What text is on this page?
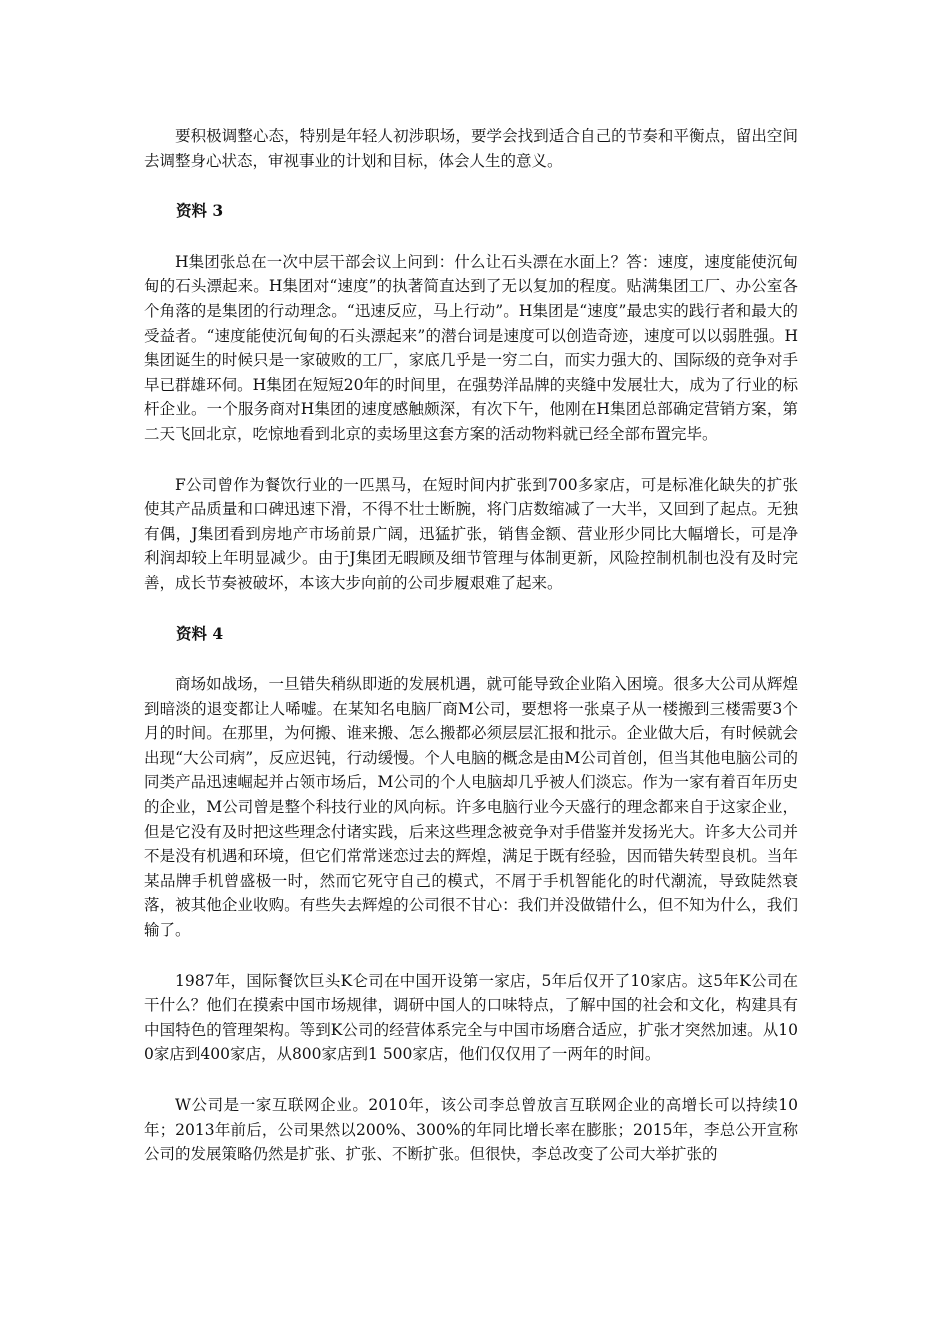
要积极调整心态，特别是年轻人初涉职场，要学会找到适合自己的节奏和平衡点，留出空间去调整身心状态，审视事业的计划和目标，体会人生的意义。

资料 3

H集团张总在一次中层干部会议上问到：什么让石头漂在水面上？答：速度，速度能使沉甸甸的石头漂起来。H集团对“速度”的执著简直达到了无以复加的程度。贴满集团工厂、办公室各个角落的是集团的行动理念。“迅速反应，马上行动”。H集团是“速度”最忠实的践行者和最大的受益者。“速度能使沉甸甸的石头漂起来”的潜台词是速度可以创造奇迹，速度可以以弱胜强。H集团诞生的时候只是一家破败的工厂，家底几乎是一穷二白，而实力强大的、国际级的竞争对手早已群雄环伺。H集团在短短20年的时间里，在强势洋品牌的夹缝中发展壮大，成为了行业的标杆企业。一个服务商对H集团的速度感触颇深，有次下午，他刚在H集团总部确定营销方案，第二天飞回北京，吃惊地看到北京的卖场里这套方案的活动物料就已经全部布置完毕。

F公司曾作为餐饮行业的一匹黑马，在短时间内扩张到700多家店，可是标准化缺失的扩张使其产品质量和口碑迅速下滑，不得不壮士断腕，将门店数缩减了一大半，又回到了起点。无独有偶，J集团看到房地产市场前景广阔，迅猛扩张，销售金额、营业形少同比大幅增长，可是净利润却较上年明显减少。由于J集团无暇顾及细节管理与体制更新，风险控制机制也没有及时完善，成长节奏被破坏，本该大步向前的公司步履艰难了起来。

资料 4

商场如战场，一旦错失稍纵即逝的发展机遇，就可能导致企业陷入困境。很多大公司从辉煌到暗淡的退变都让人唏嘘。在某知名电脑厂商M公司，要想将一张桌子从一楼搬到三楼需要3个月的时间。在那里，为何搬、谁来搬、怎么搬都必须层层汇报和批示。企业做大后，有时候就会出现“大公司病”，反应迟钝，行动缓慢。个人电脑的概念是由M公司首创，但当其他电脑公司的同类产品迅速崛起并占领市场后，M公司的个人电脑却几乎被人们淡忘。作为一家有着百年历史的企业，M公司曾是整个科技行业的风向标。许多电脑行业今天盛行的理念都来自于这家企业，但是它没有及时把这些理念付诸实践，后来这些理念被竞争对手借鉴并发扬光大。许多大公司并不是没有机遇和环境，但它们常常迷恋过去的辉煌，满足于既有经验，因而错失转型良机。当年某品牌手机曾盛极一时，然而它死守自己的模式，不屑于手机智能化的时代潮流，导致陡然衰落，被其他企业收购。有些失去辉煌的公司很不甘心：我们并没做错什么，但不知为什么，我们输了。

1987年，国际餐饮巨头K仑司在中国开设第一家店，5年后仅开了10家店。这5年K公司在干什么？他们在摸索中国市场规律，调研中国人的口味特点，了解中国的社会和文化，构建具有中国特色的管理架构。等到K公司的经营体系完全与中国市场磨合适应，扩张才突然加速。从100家店到400家店，从800家店到1 500家店，他们仅仅用了一两年的时间。

W公司是一家互联网企业。2010年，该公司李总曾放言互联网企业的高增长可以持续10年；2013年前后，公司果然以200%、300%的年同比增长率在膨胀；2015年，李总公开宣称公司的发展策略仍然是扩张、扩张、不断扩张。但很快，李总改变了公司大举扩张的
